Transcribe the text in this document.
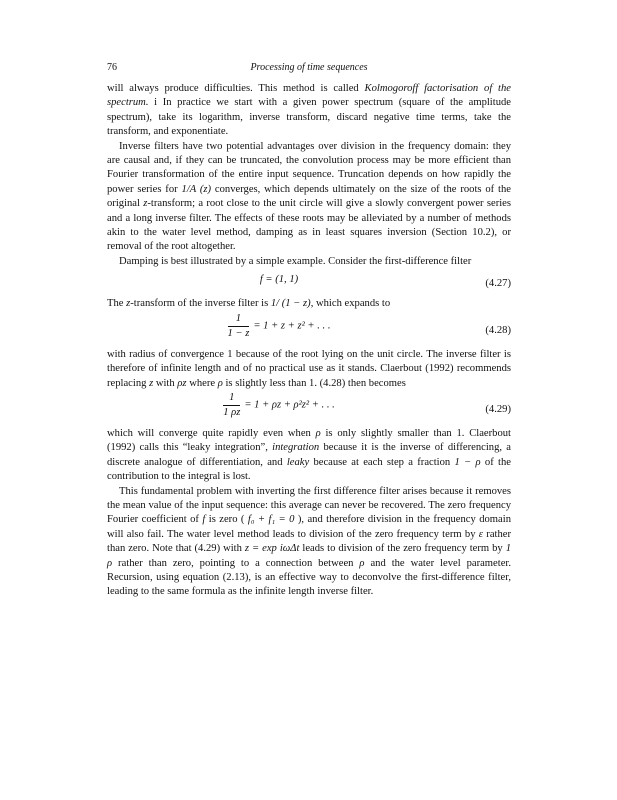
76	Processing of time sequences

will always produce difficulties. This method is called Kolmogoroff factorisation of the spectrum. i In practice we start with a given power spectrum (square of the amplitude spectrum), take its logarithm, inverse transform, discard negative time terms, take the transform, and exponentiate.

Inverse filters have two potential advantages over division in the frequency domain: they are causal and, if they can be truncated, the convolution process may be more efficient than Fourier transformation of the entire input sequence. Truncation depends on how rapidly the power series for 1/A (z) converges, which depends ultimately on the size of the roots of the original z-transform; a root close to the unit circle will give a slowly convergent power series and a long inverse filter. The effects of these roots may be alleviated by a number of methods akin to the water level method, damping as in least squares inversion (Section 10.2), or removal of the root altogether.

Damping is best illustrated by a simple example. Consider the first-difference filter

f = (1, 1)	(4.27)

The z-transform of the inverse filter is 1/ (1 − z), which expands to

$\frac{1}{1 - z} = 1 + z + z^2$ + . . .	(4.28)

with radius of convergence 1 because of the root lying on the unit circle. The inverse filter is therefore of infinite length and of no practical use as it stands. Claerbout (1992) recommends replacing z with ρz where ρ is slightly less than 1. (4.28) then becomes

$\frac{1}{1 \rho z} = 1 + \rho z + \rho^2z^2$ + . . .	(4.29)

which will converge quite rapidly even when ρ is only slightly smaller than 1. Claerbout (1992) calls this “leaky integration”, integration because it is the inverse of differencing, a discrete analogue of differentiation, and leaky because at each step a fraction 1 − ρ of the contribution to the integral is lost.

This fundamental problem with inverting the first difference filter arises because it removes the mean value of the input sequence: this average can never be recovered. The zero frequency Fourier coefficient of f is zero ( f₀ + f₁ = 0 ), and therefore division in the frequency domain will also fail. The water level method leads to division of the zero frequency term by ε rather than zero. Note that (4.29) with z = exp iωΔt leads to division of the zero frequency term by 1 ρ rather than zero, pointing to a connection between ρ and the water level parameter. Recursion, using equation (2.13), is an effective way to deconvolve the first-difference filter, leading to the same formula as the infinite length inverse filter.
